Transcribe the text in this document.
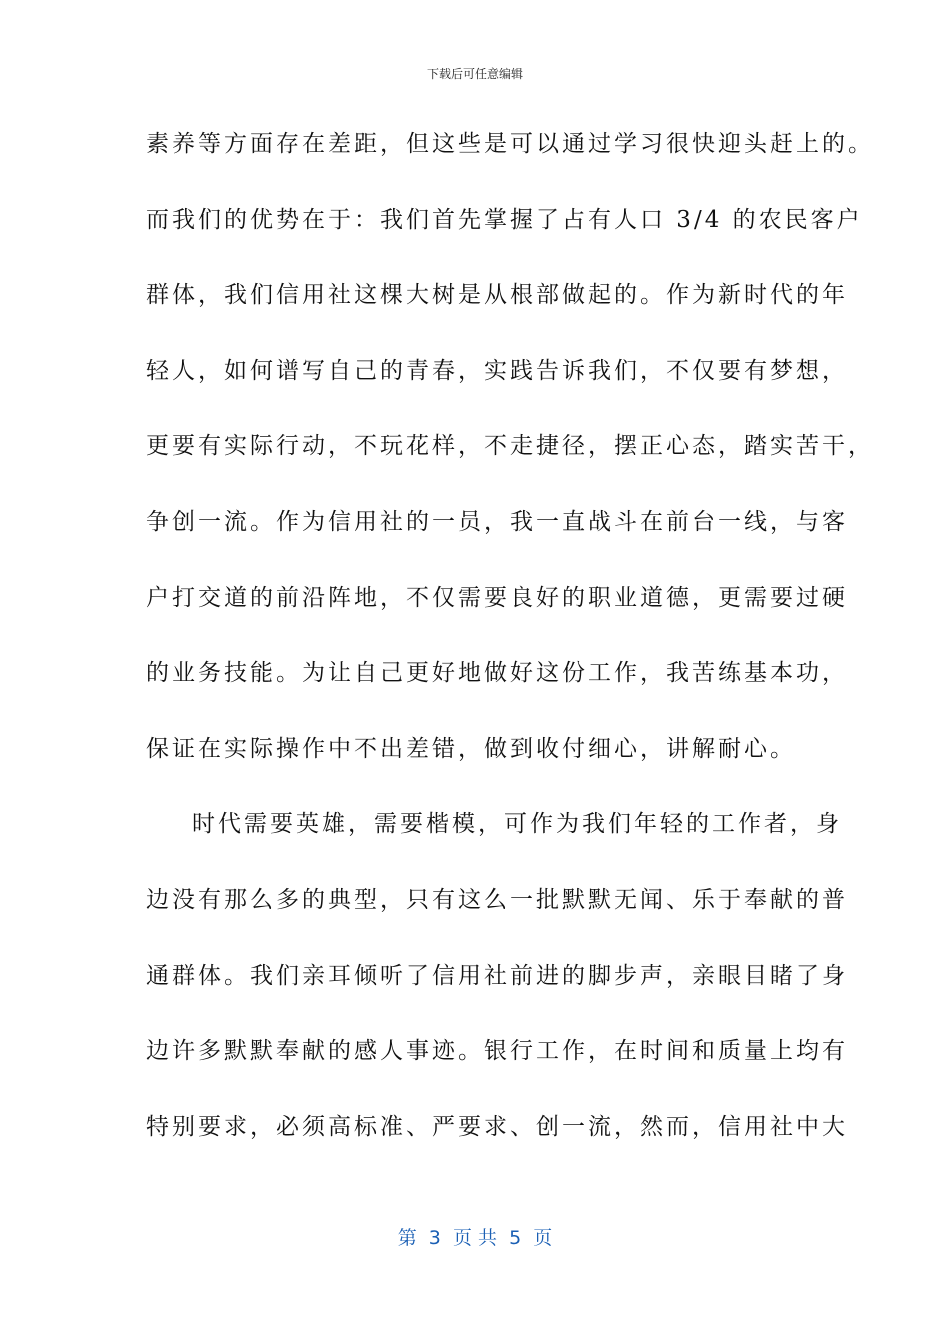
下载后可任意编辑
素养等方面存在差距，但这些是可以通过学习很快迎头赶上的。
而我们的优势在于：我们首先掌握了占有人口 3/4 的农民客户
群体，我们信用社这棵大树是从根部做起的。作为新时代的年
轻人，如何谱写自己的青春，实践告诉我们，不仅要有梦想，
更要有实际行动，不玩花样，不走捷径，摆正心态，踏实苦干，
争创一流。作为信用社的一员，我一直战斗在前台一线，与客
户打交道的前沿阵地，不仅需要良好的职业道德，更需要过硬
的业务技能。为让自己更好地做好这份工作，我苦练基本功，
保证在实际操作中不出差错，做到收付细心，讲解耐心。
时代需要英雄，需要楷模，可作为我们年轻的工作者，身
边没有那么多的典型，只有这么一批默默无闻、乐于奉献的普
通群体。我们亲耳倾听了信用社前进的脚步声，亲眼目睹了身
边许多默默奉献的感人事迹。银行工作，在时间和质量上均有
特别要求，必须高标准、严要求、创一流，然而，信用社中大
第  3  页 共  5  页
